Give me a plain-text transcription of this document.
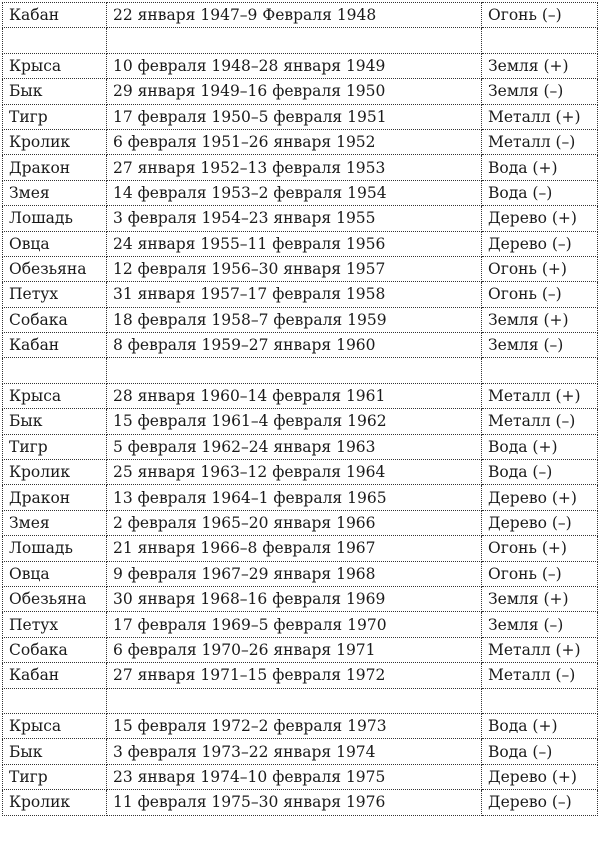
Кабан	22 января 1947–9 Февраля 1948	Огонь (–)

Крыса	10 февраля 1948–28 января 1949	Земля (+)
Бык	29 января 1949–16 февраля 1950	Земля (–)
Тигр	17 февраля 1950–5 февраля 1951	Металл (+)
Кролик	6 февраля 1951–26 января 1952	Металл (–)
Дракон	27 января 1952–13 февраля 1953	Вода (+)
Змея	14 февраля 1953–2 февраля 1954	Вода (–)
Лошадь	3 февраля 1954–23 января 1955	Дерево (+)
Овца	24 января 1955–11 февраля 1956	Дерево (–)
Обезьяна	12 февраля 1956–30 января 1957	Огонь (+)
Петух	31 января 1957–17 февраля 1958	Огонь (–)
Собака	18 февраля 1958–7 февраля 1959	Земля (+)
Кабан	8 февраля 1959–27 января 1960	Земля (–)

Крыса	28 января 1960–14 февраля 1961	Металл (+)
Бык	15 февраля 1961–4 февраля 1962	Металл (–)
Тигр	5 февраля 1962–24 января 1963	Вода (+)
Кролик	25 января 1963–12 февраля 1964	Вода (–)
Дракон	13 февраля 1964–1 февраля 1965	Дерево (+)
Змея	2 февраля 1965–20 января 1966	Дерево (–)
Лошадь	21 января 1966–8 февраля 1967	Огонь (+)
Овца	9 февраля 1967–29 января 1968	Огонь (–)
Обезьяна	30 января 1968–16 февраля 1969	Земля (+)
Петух	17 февраля 1969–5 февраля 1970	Земля (–)
Собака	6 февраля 1970–26 января 1971	Металл (+)
Кабан	27 января 1971–15 февраля 1972	Металл (–)

Крыса	15 февраля 1972–2 февраля 1973	Вода (+)
Бык	3 февраля 1973–22 января 1974	Вода (–)
Тигр	23 января 1974–10 февраля 1975	Дерево (+)
Кролик	11 февраля 1975–30 января 1976	Дерево (–)
